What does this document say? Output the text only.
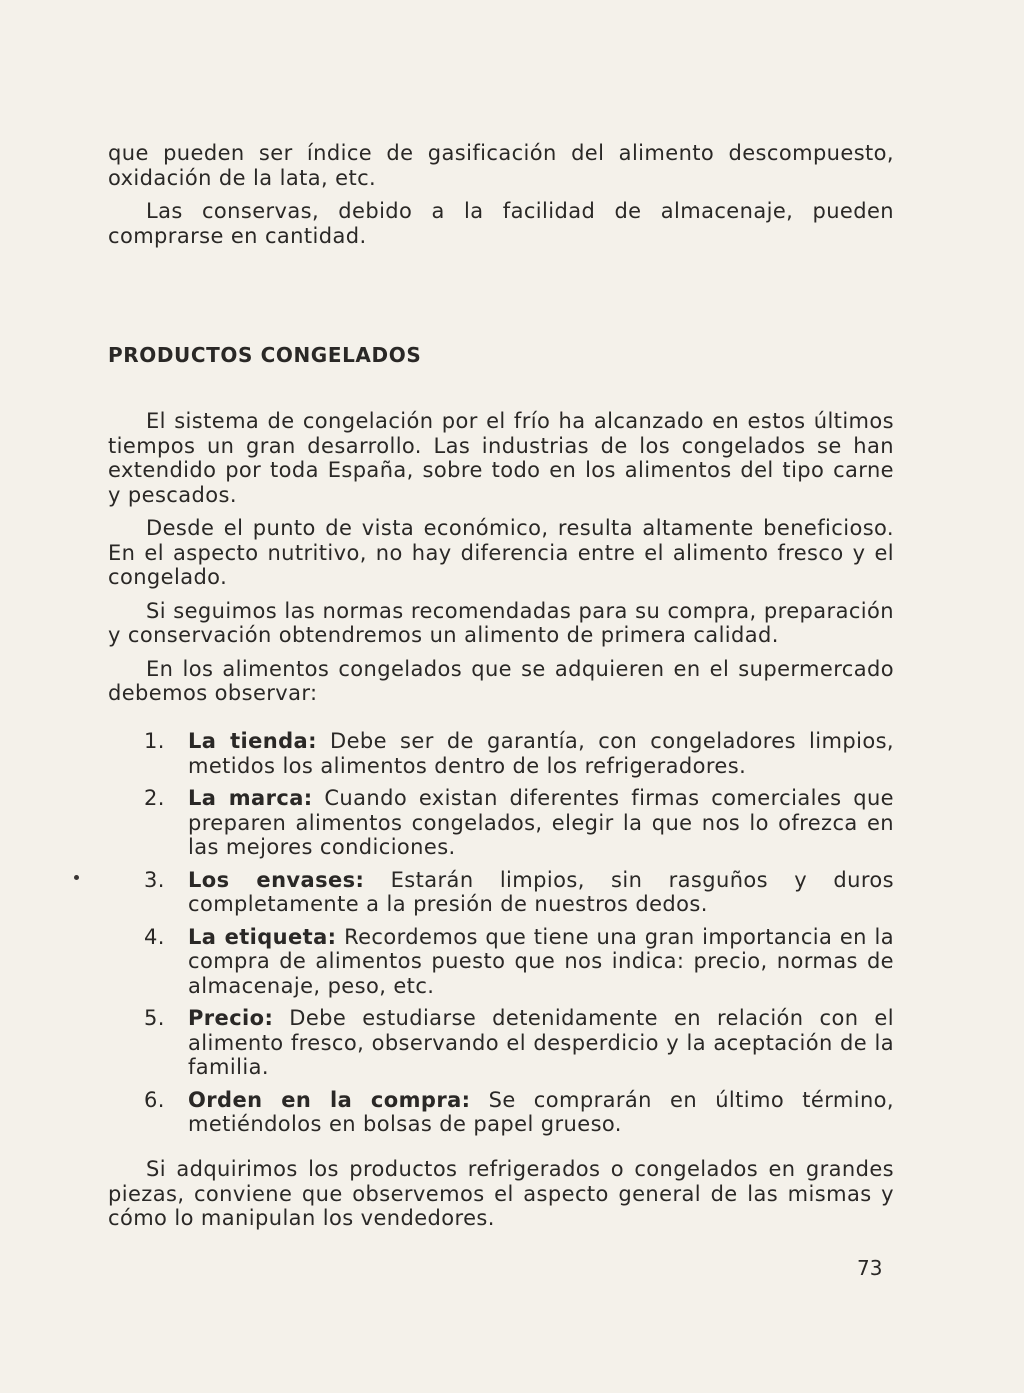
que pueden ser índice de gasificación del alimento descompuesto, oxidación de la lata, etc.

Las conservas, debido a la facilidad de almacenaje, pueden comprarse en cantidad.

PRODUCTOS CONGELADOS

El sistema de congelación por el frío ha alcanzado en estos últimos tiempos un gran desarrollo. Las industrias de los congelados se han extendido por toda España, sobre todo en los alimentos del tipo carne y pescados.

Desde el punto de vista económico, resulta altamente beneficioso. En el aspecto nutritivo, no hay diferencia entre el alimento fresco y el congelado.

Si seguimos las normas recomendadas para su compra, preparación y conservación obtendremos un alimento de primera calidad.

En los alimentos congelados que se adquieren en el supermercado debemos observar:

1. La tienda: Debe ser de garantía, con congeladores limpios, metidos los alimentos dentro de los refrigeradores.
2. La marca: Cuando existan diferentes firmas comerciales que preparen alimentos congelados, elegir la que nos lo ofrezca en las mejores condiciones.
3. Los envases: Estarán limpios, sin rasguños y duros completamente a la presión de nuestros dedos.
4. La etiqueta: Recordemos que tiene una gran importancia en la compra de alimentos puesto que nos indica: precio, normas de almacenaje, peso, etc.
5. Precio: Debe estudiarse detenidamente en relación con el alimento fresco, observando el desperdicio y la aceptación de la familia.
6. Orden en la compra: Se comprarán en último término, metiéndolos en bolsas de papel grueso.

Si adquirimos los productos refrigerados o congelados en grandes piezas, conviene que observemos el aspecto general de las mismas y cómo lo manipulan los vendedores.

73
